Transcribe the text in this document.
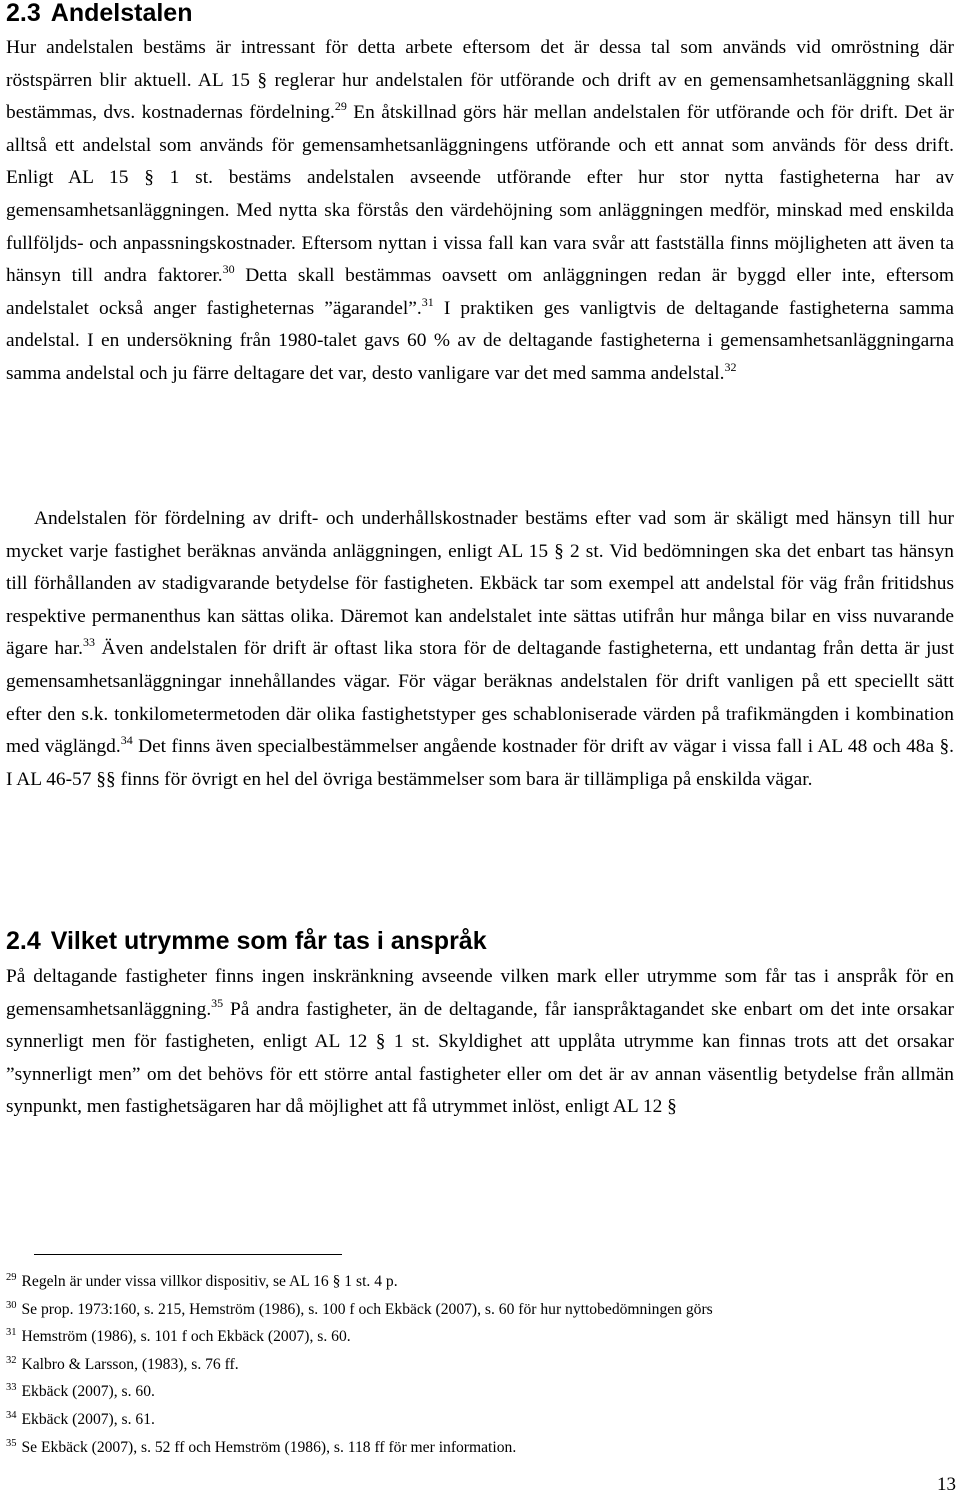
2.3 Andelstalen

Hur andelstalen bestäms är intressant för detta arbete eftersom det är dessa tal som används vid omröstning där röstspärren blir aktuell. AL 15 § reglerar hur andelstalen för utförande och drift av en gemensamhetsanläggning skall bestämmas, dvs. kostnadernas fördelning.$^{29}$ En åtskillnad görs här mellan andelstalen för utförande och för drift. Det är alltså ett andelstal som används för gemensamhetsanläggningens utförande och ett annat som används för dess drift. Enligt AL 15 § 1 st. bestäms andelstalen avseende utförande efter hur stor nytta fastigheterna har av gemensamhetsanläggningen. Med nytta ska förstås den värdehöjning som anläggningen medför, minskad med enskilda fullföljds- och anpassningskostnader. Eftersom nyttan i vissa fall kan vara svår att fastställa finns möjligheten att även ta hänsyn till andra faktorer.$^{30}$ Detta skall bestämmas oavsett om anläggningen redan är byggd eller inte, eftersom andelstalet också anger fastigheternas ”ägarandel”.$^{31}$ I praktiken ges vanligtvis de deltagande fastigheterna samma andelstal. I en undersökning från 1980-talet gavs 60 % av de deltagande fastigheterna i gemensamhetsanläggningarna samma andelstal och ju färre deltagare det var, desto vanligare var det med samma andelstal.$^{32}$

Andelstalen för fördelning av drift- och underhållskostnader bestäms efter vad som är skäligt med hänsyn till hur mycket varje fastighet beräknas använda anläggningen, enligt AL 15 § 2 st. Vid bedömningen ska det enbart tas hänsyn till förhållanden av stadigvarande betydelse för fastigheten. Ekbäck tar som exempel att andelstal för väg från fritidshus respektive permanenthus kan sättas olika. Däremot kan andelstalet inte sättas utifrån hur många bilar en viss nuvarande ägare har.$^{33}$ Även andelstalen för drift är oftast lika stora för de deltagande fastigheterna, ett undantag från detta är just gemensamhetsanläggningar innehållandes vägar. För vägar beräknas andelstalen för drift vanligen på ett speciellt sätt efter den s.k. tonkilometermetoden där olika fastighetstyper ges schabloniserade värden på trafikmängden i kombination med väglängd.$^{34}$ Det finns även specialbestämmelser angående kostnader för drift av vägar i vissa fall i AL 48 och 48a §. I AL 46-57 §§ finns för övrigt en hel del övriga bestämmelser som bara är tillämpliga på enskilda vägar.

2.4 Vilket utrymme som får tas i anspråk

På deltagande fastigheter finns ingen inskränkning avseende vilken mark eller utrymme som får tas i anspråk för en gemensamhetsanläggning.$^{35}$ På andra fastigheter, än de deltagande, får ianspråktagandet ske enbart om det inte orsakar synnerligt men för fastigheten, enligt AL 12 § 1 st. Skyldighet att upplåta utrymme kan finnas trots att det orsakar ”synnerligt men” om det behövs för ett större antal fastigheter eller om det är av annan väsentlig betydelse från allmän synpunkt, men fastighetsägaren har då möjlighet att få utrymmet inlöst, enligt AL 12 §

$^{29}$ Regeln är under vissa villkor dispositiv, se AL 16 § 1 st. 4 p.
$^{30}$ Se prop. 1973:160, s. 215, Hemström (1986), s. 100 f och Ekbäck (2007), s. 60 för hur nyttobedömningen görs
$^{31}$ Hemström (1986), s. 101 f och Ekbäck (2007), s. 60.
$^{32}$ Kalbro & Larsson, (1983), s. 76 ff.
$^{33}$ Ekbäck (2007), s. 60.
$^{34}$ Ekbäck (2007), s. 61.
$^{35}$ Se Ekbäck (2007), s. 52 ff och Hemström (1986), s. 118 ff för mer information.
13
